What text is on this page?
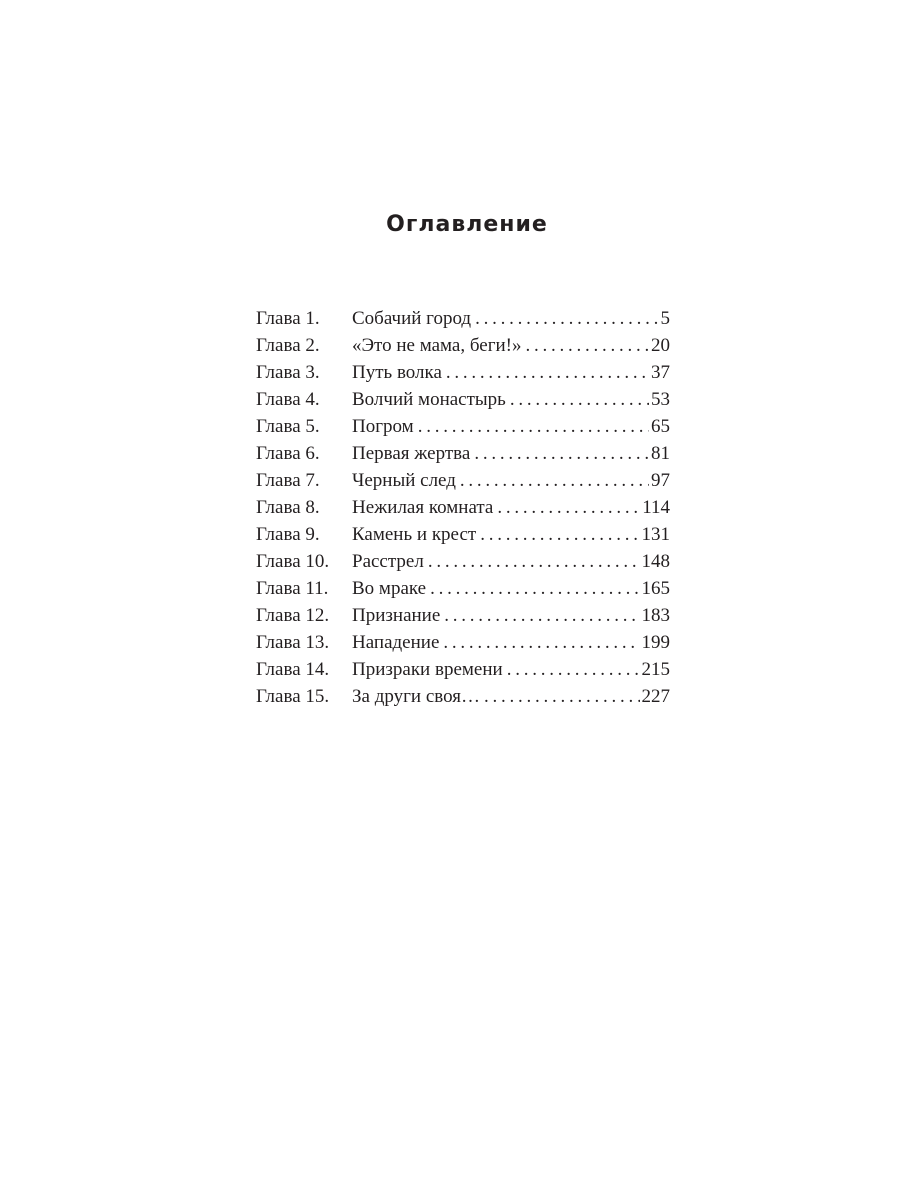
Оглавление
Глава 1.	Собачий город . . .	5
Глава 2.	«Это не мама, беги!» . . .	20
Глава 3.	Путь волка . . .	37
Глава 4.	Волчий монастырь . . .	53
Глава 5.	Погром . . .	65
Глава 6.	Первая жертва . . .	81
Глава 7.	Черный след . . .	97
Глава 8.	Нежилая комната . . .	114
Глава 9.	Камень и крест . . .	131
Глава 10.	Расстрел . . .	148
Глава 11.	Во мраке . . .	165
Глава 12.	Признание . . .	183
Глава 13.	Нападение . . .	199
Глава 14.	Призраки времени . . .	215
Глава 15.	За други своя… . . .	227
